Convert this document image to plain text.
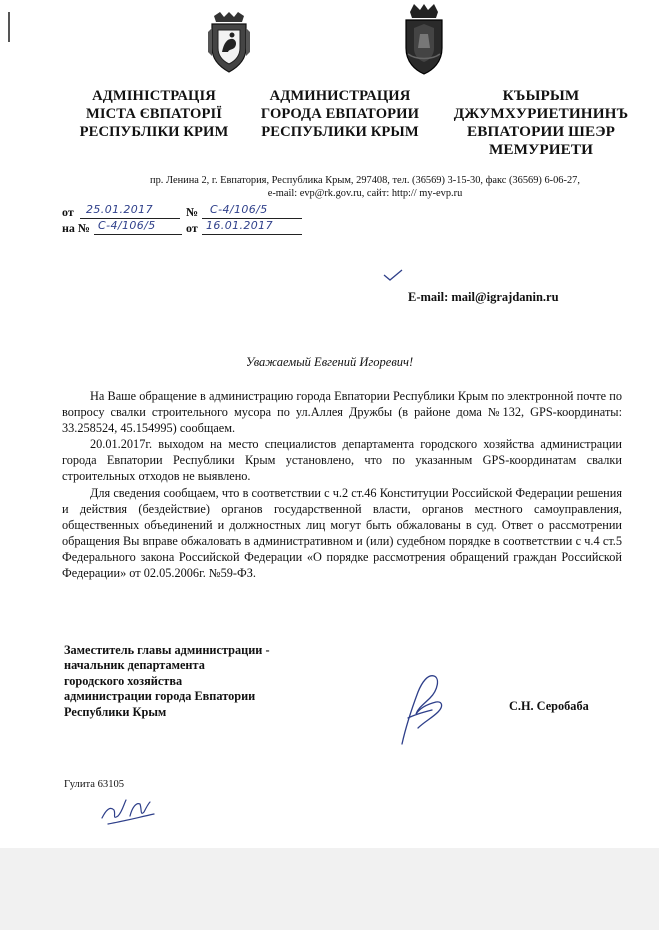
АДМІНІСТРАЦІЯ
МІСТА ЄВПАТОРІЇ
РЕСПУБЛІКИ КРИМ
АДМИНИСТРАЦИЯ
ГОРОДА ЕВПАТОРИИ
РЕСПУБЛИКИ КРЫМ
КЪЫРЫМ
ДЖУМХУРИЕТИНИНЪ
ЕВПАТОРИИ ШЕЭР
МЕМУРИЕТИ
пр. Ленина 2, г. Евпатория, Республика Крым, 297408, тел. (36569) 3-15-30, факс (36569) 6-06-27,
e-mail: evp@rk.gov.ru, сайт: http:// my-evp.ru
от 25.01.2017	№ С-4/106/5
на № С-4/106/5	от 16.01.2017
E-mail: mail@igrajdanin.ru
Уважаемый Евгений Игоревич!

На Ваше обращение в администрацию города Евпатории Республики Крым по электронной почте по вопросу свалки строительного мусора по ул.Аллея Дружбы (в районе дома №132, GPS-координаты: 33.258524, 45.154995) сообщаем.

20.01.2017г. выходом на место специалистов департамента городского хозяйства администрации города Евпатории Республики Крым установлено, что по указанным GPS-координатам свалки строительных отходов не выявлено.

Для сведения сообщаем, что в соответствии с ч.2 ст.46 Конституции Российской Федерации решения и действия (бездействие) органов государственной власти, органов местного самоуправления, общественных объединений и должностных лиц могут быть обжалованы в суд. Ответ о рассмотрении обращения Вы вправе обжаловать в административном и (или) судебном порядке в соответствии с ч.4 ст.5 Федерального закона Российской Федерации «О порядке рассмотрения обращений граждан Российской Федерации» от 02.05.2006г. №59-ФЗ.

Заместитель главы администрации -
начальник департамента
городского хозяйства
администрации города Евпатории
Республики Крым	С.Н. Серобаба
Гулита 63105
